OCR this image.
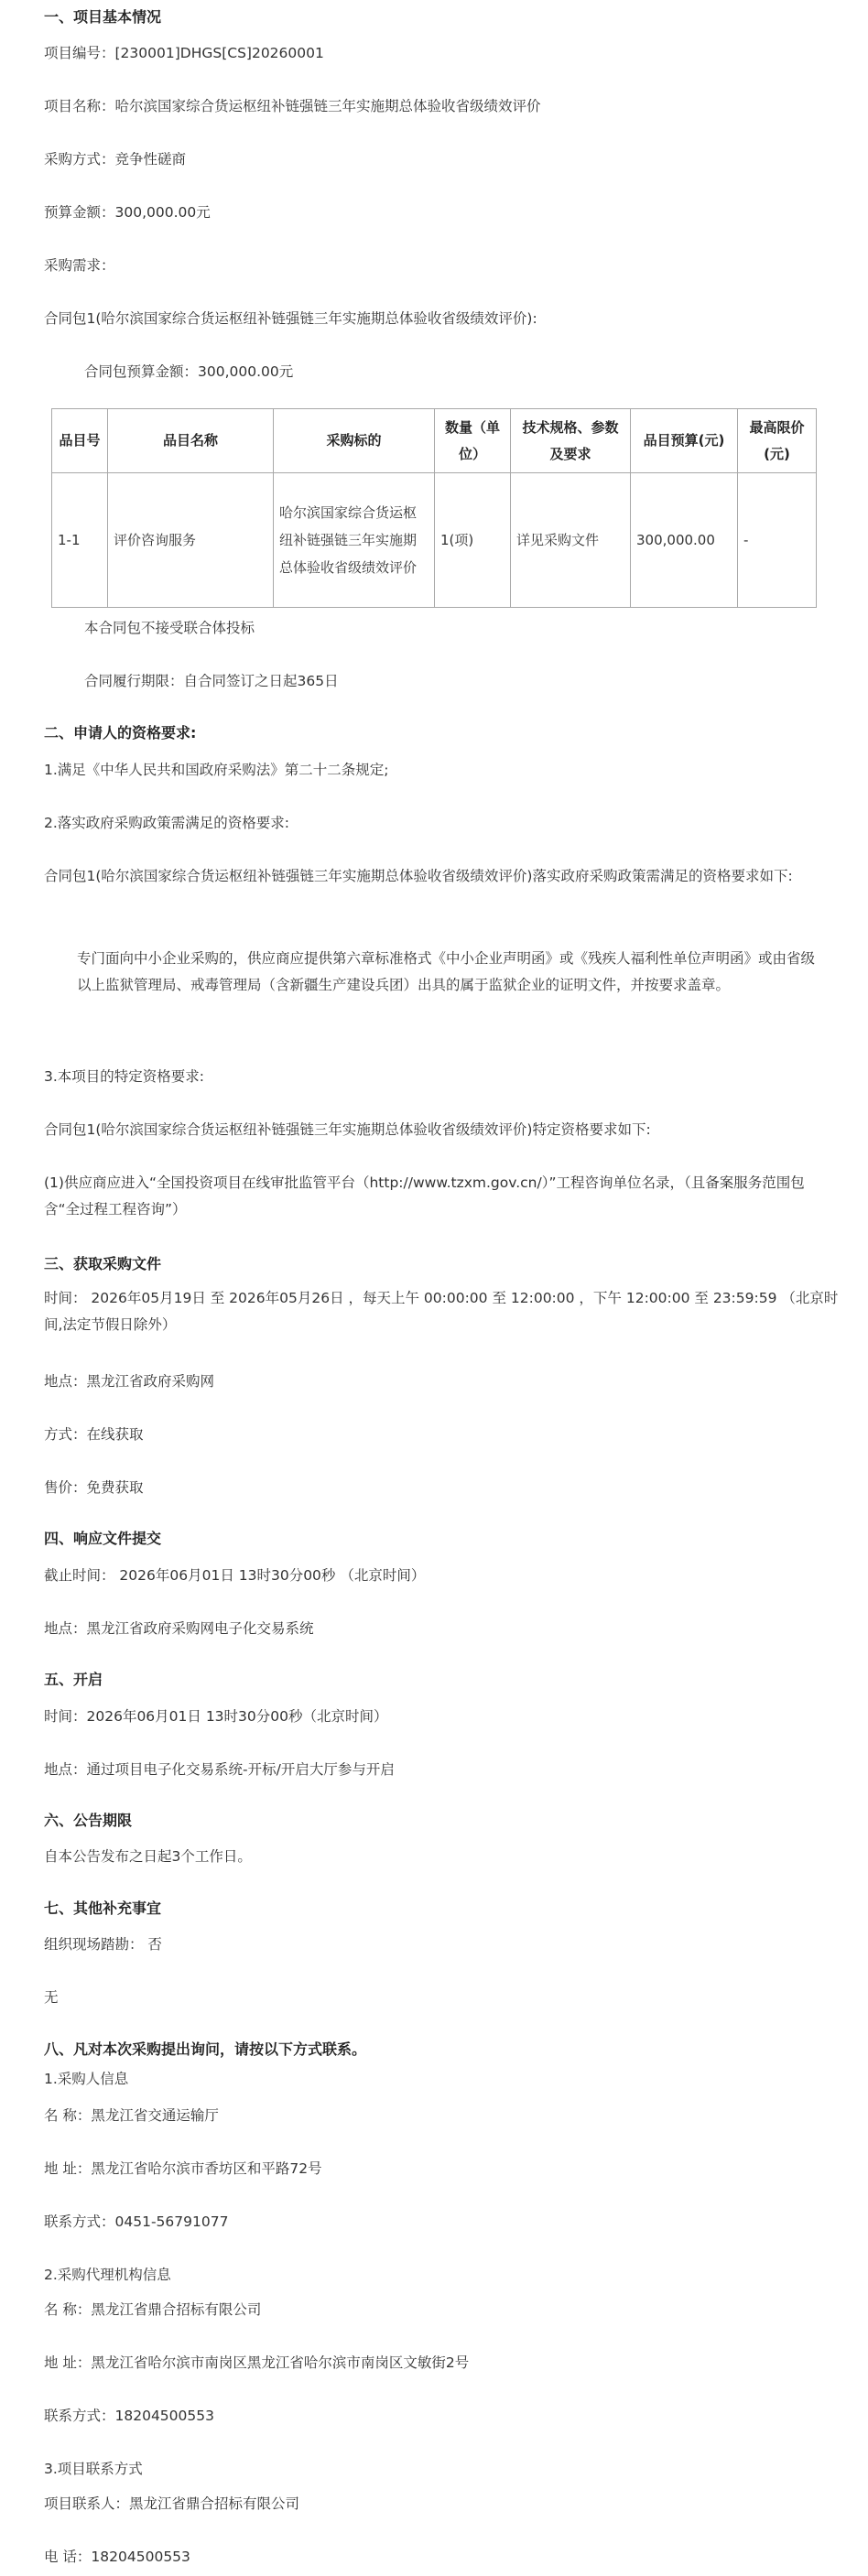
一、项目基本情况
项目编号：[230001]DHGS[CS]20260001
项目名称：哈尔滨国家综合货运枢纽补链强链三年实施期总体验收省级绩效评价
采购方式：竞争性磋商
预算金额：300,000.00元
采购需求：
合同包1(哈尔滨国家综合货运枢纽补链强链三年实施期总体验收省级绩效评价):
合同包预算金额：300,000.00元
品目号	品目名称	采购标的	数量（单位）	技术规格、参数及要求	品目预算(元)	最高限价(元)
1-1	评价咨询服务	哈尔滨国家综合货运枢纽补链强链三年实施期总体验收省级绩效评价	1(项)	详见采购文件	300,000.00	-
本合同包不接受联合体投标
合同履行期限：自合同签订之日起365日
二、申请人的资格要求:
1.满足《中华人民共和国政府采购法》第二十二条规定;
2.落实政府采购政策需满足的资格要求:
合同包1(哈尔滨国家综合货运枢纽补链强链三年实施期总体验收省级绩效评价)落实政府采购政策需满足的资格要求如下:
专门面向中小企业采购的，供应商应提供第六章标准格式《中小企业声明函》或《残疾人福利性单位声明函》或由省级以上监狱管理局、戒毒管理局（含新疆生产建设兵团）出具的属于监狱企业的证明文件，并按要求盖章。
3.本项目的特定资格要求:
合同包1(哈尔滨国家综合货运枢纽补链强链三年实施期总体验收省级绩效评价)特定资格要求如下:
(1)供应商应进入“全国投资项目在线审批监管平台（http://www.tzxm.gov.cn/）”工程咨询单位名录，（且备案服务范围包含“全过程工程咨询”）
三、获取采购文件
时间： 2026年05月19日 至 2026年05月26日 ，每天上午 00:00:00 至 12:00:00 ，下午 12:00:00 至 23:59:59 （北京时间,法定节假日除外）
地点：黑龙江省政府采购网
方式：在线获取
售价：免费获取
四、响应文件提交
截止时间： 2026年06月01日 13时30分00秒 （北京时间）
地点：黑龙江省政府采购网电子化交易系统
五、开启
时间：2026年06月01日 13时30分00秒（北京时间）
地点：通过项目电子化交易系统-开标/开启大厅参与开启
六、公告期限
自本公告发布之日起3个工作日。
七、其他补充事宜
组织现场踏勘： 否
无
八、凡对本次采购提出询问，请按以下方式联系。
1.采购人信息
名 称：黑龙江省交通运输厅
地 址：黑龙江省哈尔滨市香坊区和平路72号
联系方式：0451-56791077
2.采购代理机构信息
名 称：黑龙江省鼎合招标有限公司
地 址：黑龙江省哈尔滨市南岗区黑龙江省哈尔滨市南岗区文敏街2号
联系方式：18204500553
3.项目联系方式
项目联系人：黑龙江省鼎合招标有限公司
电 话：18204500553
